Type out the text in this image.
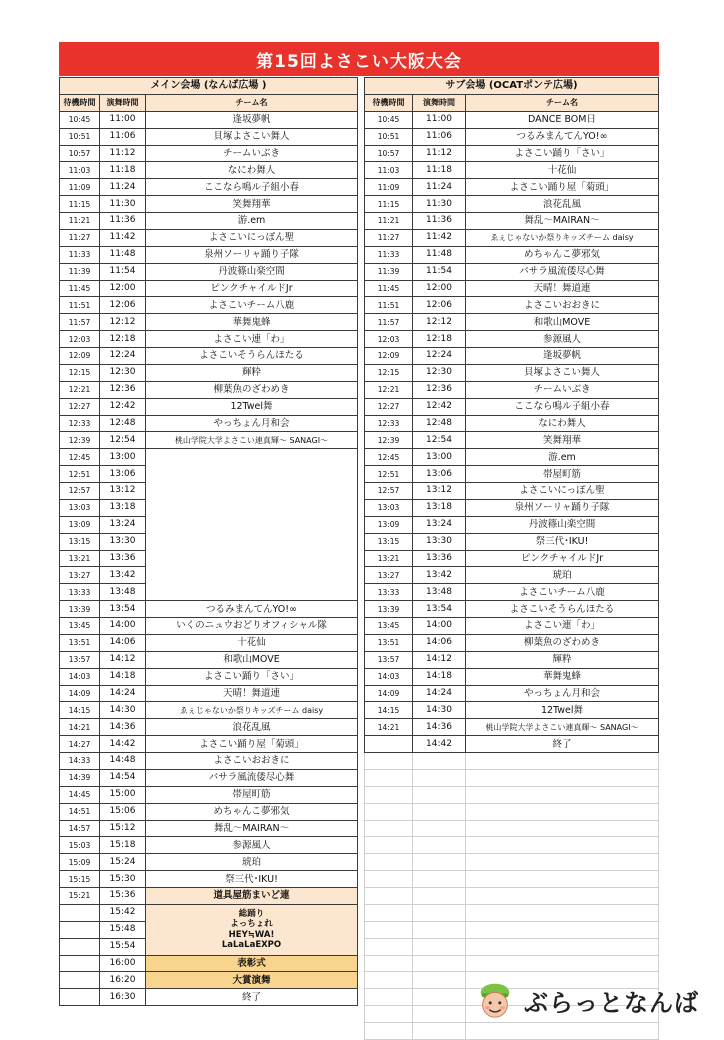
第15回よさこい大阪大会
メイン会場 (なんば広場 )		
待機時間	演舞時間	チーム名
10:45	11:00	逢坂夢帆
10:51	11:06	貝塚よさこい舞人
10:57	11:12	チームいぶき
11:03	11:18	なにわ舞人
11:09	11:24	ここなら鳴ル子組小春
11:15	11:30	笑舞翔華
11:21	11:36	游.em
11:27	11:42	よさこいにっぽん聖
11:33	11:48	泉州ソーリャ踊り子隊
11:39	11:54	丹波篠山楽空間
11:45	12:00	ピンクチャイルドJr
11:51	12:06	よさこいチーム八鹿
11:57	12:12	華舞鬼蜂
12:03	12:18	よさこい連「わ」
12:09	12:24	よさこいそうらんほたる
12:15	12:30	輝粋
12:21	12:36	柳葉魚のざわめき
12:27	12:42	12Twel舞
12:33	12:48	やっちょん月和会
12:39	12:54	桃山学院大学よさこい連真輝～ SANAGI～
12:45	13:00	
12:51	13:06	
12:57	13:12	
13:03	13:18	
13:09	13:24	
13:15	13:30	
13:21	13:36	
13:27	13:42	
13:33	13:48	
13:39	13:54	つるみまんてんYO!∞
13:45	14:00	いくのニュウおどりオフィシャル隊
13:51	14:06	十花仙
13:57	14:12	和歌山MOVE
14:03	14:18	よさこい踊り「さい」
14:09	14:24	天晴！舞道連
14:15	14:30	ゑぇじゃないか祭りキッズチーム daisy
14:21	14:36	浪花乱風
14:27	14:42	よさこい踊り屋「菊頭」
14:33	14:48	よさこいおおきに
14:39	14:54	バサラ風流倭尽心舞
14:45	15:00	帯屋町筋
14:51	15:06	めちゃんこ夢邪気
14:57	15:12	舞乱～MAIRAN～
15:03	15:18	参源風人
15:09	15:24	琥珀
15:15	15:30	祭三代･IKU!
15:21	15:36	道具屋筋まいど連
	15:42	総踊り
よっちょれ
HEY≒WA!
LaLaLaEXPO

	15:48	
	15:54	
	16:00	表彰式
	16:20	大賞演舞
	16:30	終了
サブ会場 (OCATポンテ広場)		
待機時間	演舞時間	チーム名
10:45	11:00	DANCE BOM日
10:51	11:06	つるみまんてんYO!∞
10:57	11:12	よさこい踊り「さい」
11:03	11:18	十花仙
11:09	11:24	よさこい踊り屋「菊頭」
11:15	11:30	浪花乱風
11:21	11:36	舞乱～MAIRAN～
11:27	11:42	ゑぇじゃないか祭りキッズチーム daisy
11:33	11:48	めちゃんこ夢邪気
11:39	11:54	バサラ風流倭尽心舞
11:45	12:00	天晴！舞道連
11:51	12:06	よさこいおおきに
11:57	12:12	和歌山MOVE
12:03	12:18	参源風人
12:09	12:24	逢坂夢帆
12:15	12:30	貝塚よさこい舞人
12:21	12:36	チームいぶき
12:27	12:42	ここなら鳴ル子組小春
12:33	12:48	なにわ舞人
12:39	12:54	笑舞翔華
12:45	13:00	游.em
12:51	13:06	帯屋町筋
12:57	13:12	よさこいにっぽん聖
13:03	13:18	泉州ソーリャ踊り子隊
13:09	13:24	丹波篠山楽空間
13:15	13:30	祭三代･IKU!
13:21	13:36	ピンクチャイルドJr
13:27	13:42	琥珀
13:33	13:48	よさこいチーム八鹿
13:39	13:54	よさこいそうらんほたる
13:45	14:00	よさこい連「わ」
13:51	14:06	柳葉魚のざわめき
13:57	14:12	輝粋
14:03	14:18	華舞鬼蜂
14:09	14:24	やっちょん月和会
14:15	14:30	12Twel舞
14:21	14:36	桃山学院大学よさこい連真輝～ SANAGI～
	14:42	終了

ぶらっとなんば
